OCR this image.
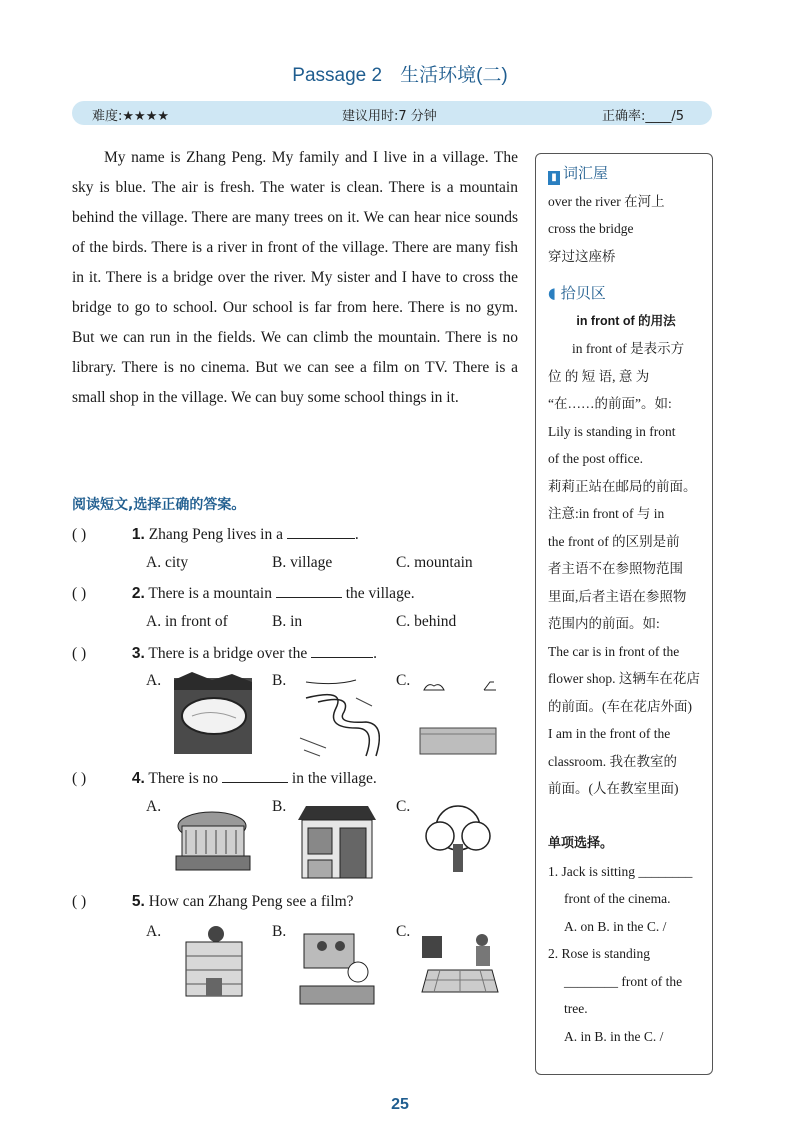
Passage 2 生活环境(二)
难度:★★★★	建议用时:7 分钟	正确率:____/5

My name is Zhang Peng. My family and I live in a village. The sky is blue. The air is fresh. The water is clean. There is a mountain behind the village. There are many trees on it. We can hear nice sounds of the birds. There is a river in front of the village. There are many fish in it. There is a bridge over the river. My sister and I have to cross the bridge to go to school. Our school is far from here. There is no gym. But we can run in the fields. We can climb the mountain. There is no library. There is no cinema. But we can see a film on TV. There is a small shop in the village. We can buy some school things in it.

阅读短文,选择正确的答案。
( )	1. Zhang Peng lives in a	.
A. city	B. village	C. mountain
( )	2. There is a mountain	the village.
A. in front of	B. in	C. behind
( )	3. There is a bridge over the	.
A.	B.	C.
( )	4. There is no	in the village.
A.	B.	C.
( )	5. How can Zhang Peng see a film?
A.	B.	C.
▮ 词汇屋
over the river 在河上
cross the bridge
穿过这座桥
◖ 拾贝区
in front of 的用法

in front of 是表示方

位 的 短 语, 意 为

“在……的前面”。如:

Lily is standing in front

of the post office.

莉莉正站在邮局的前面。

注意:in front of 与 in

the front of 的区别是前

者主语不在参照物范围

里面,后者主语在参照物

范围内的前面。如:

The car is in front of the

flower shop. 这辆车在花店

的前面。(车在花店外面)

I am in the front of the

classroom. 我在教室的

前面。(人在教室里面)

单项选择。

1. Jack is sitting ________

front of the cinema.

A. on B. in the C. /

2. Rose is standing

________ front of the

tree.

A. in B. in the C. /

25
